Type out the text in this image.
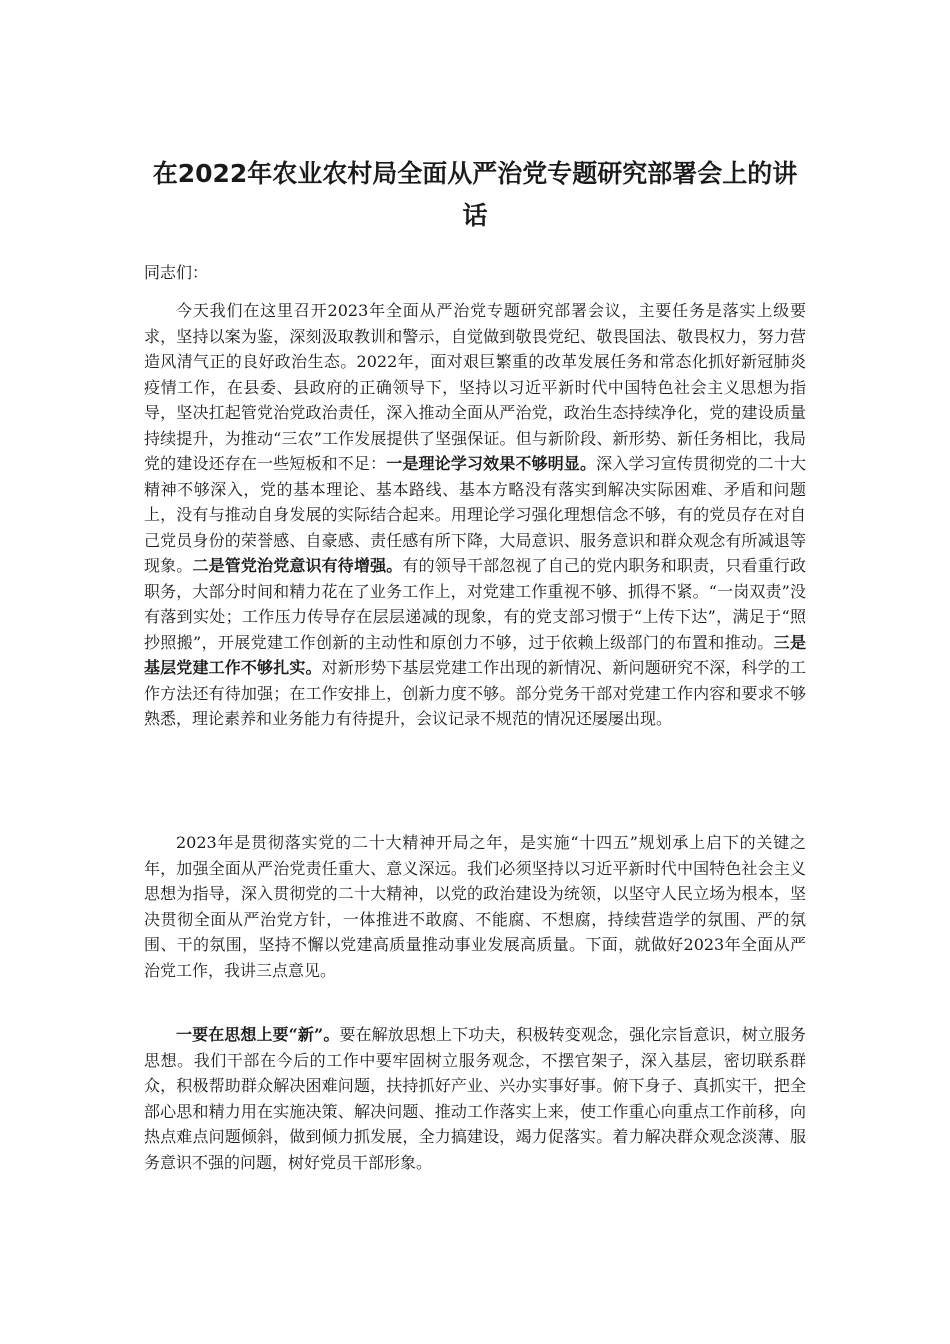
在2022年农业农村局全面从严治党专题研究部署会上的讲话
同志们：

今天我们在这里召开2023年全面从严治党专题研究部署会议，主要任务是落实上级要求，坚持以案为鉴，深刻汲取教训和警示，自觉做到敬畏党纪、敬畏国法、敬畏权力，努力营造风清气正的良好政治生态。2022年，面对艰巨繁重的改革发展任务和常态化抓好新冠肺炎疫情工作，在县委、县政府的正确领导下，坚持以习近平新时代中国特色社会主义思想为指导，坚决扛起管党治党政治责任，深入推动全面从严治党，政治生态持续净化，党的建设质量持续提升，为推动“三农”工作发展提供了坚强保证。但与新阶段、新形势、新任务相比，我局党的建设还存在一些短板和不足：一是理论学习效果不够明显。深入学习宣传贯彻党的二十大精神不够深入，党的基本理论、基本路线、基本方略没有落实到解决实际困难、矛盾和问题上，没有与推动自身发展的实际结合起来。用理论学习强化理想信念不够，有的党员存在对自己党员身份的荣誉感、自豪感、责任感有所下降，大局意识、服务意识和群众观念有所减退等现象。二是管党治党意识有待增强。有的领导干部忽视了自己的党内职务和职责，只看重行政职务，大部分时间和精力花在了业务工作上，对党建工作重视不够、抓得不紧。“一岗双责”没有落到实处；工作压力传导存在层层递减的现象，有的党支部习惯于“上传下达”，满足于“照抄照搬”，开展党建工作创新的主动性和原创力不够，过于依赖上级部门的布置和推动。三是基层党建工作不够扎实。对新形势下基层党建工作出现的新情况、新问题研究不深，科学的工作方法还有待加强；在工作安排上，创新力度不够。部分党务干部对党建工作内容和要求不够熟悉，理论素养和业务能力有待提升，会议记录不规范的情况还屡屡出现。

2023年是贯彻落实党的二十大精神开局之年，是实施“十四五”规划承上启下的关键之年，加强全面从严治党责任重大、意义深远。我们必须坚持以习近平新时代中国特色社会主义思想为指导，深入贯彻党的二十大精神，以党的政治建设为统领，以坚守人民立场为根本，坚决贯彻全面从严治党方针，一体推进不敢腐、不能腐、不想腐，持续营造学的氛围、严的氛围、干的氛围，坚持不懈以党建高质量推动事业发展高质量。下面，就做好2023年全面从严治党工作，我讲三点意见。

一要在思想上要“新”。要在解放思想上下功夫，积极转变观念，强化宗旨意识，树立服务思想。我们干部在今后的工作中要牢固树立服务观念，不摆官架子，深入基层，密切联系群众，积极帮助群众解决困难问题，扶持抓好产业、兴办实事好事。俯下身子、真抓实干，把全部心思和精力用在实施决策、解决问题、推动工作落实上来，使工作重心向重点工作前移，向热点难点问题倾斜，做到倾力抓发展，全力搞建设，竭力促落实。着力解决群众观念淡薄、服务意识不强的问题，树好党员干部形象。
